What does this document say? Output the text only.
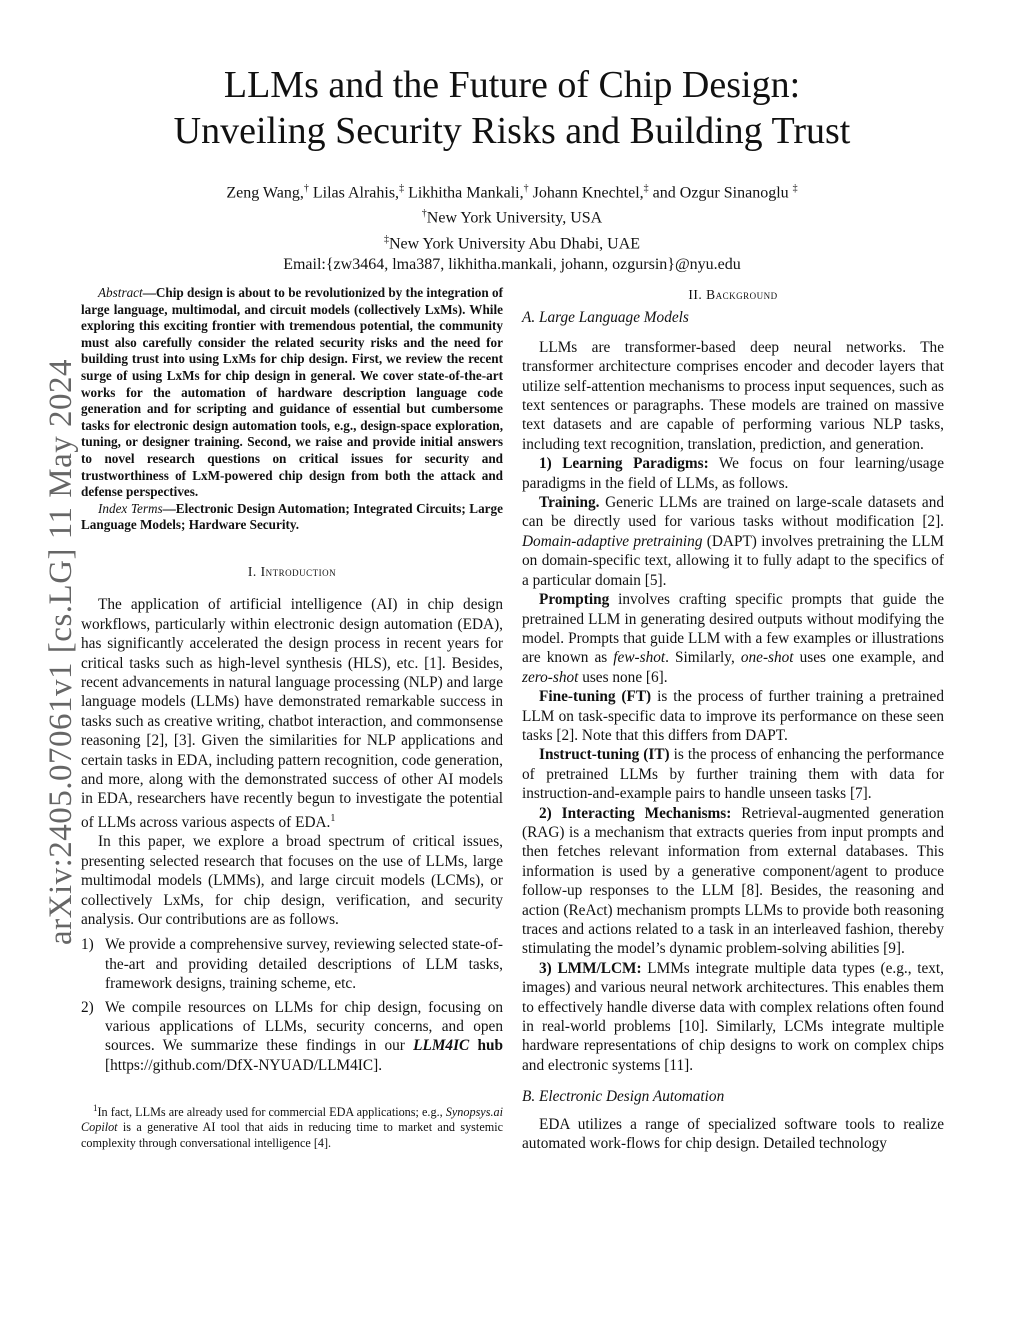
arXiv:2405.07061v1 [cs.LG] 11 May 2024
LLMs and the Future of Chip Design:
Unveiling Security Risks and Building Trust
Zeng Wang,† Lilas Alrahis,‡ Likhitha Mankali,† Johann Knechtel,‡ and Ozgur Sinanoglu ‡
†New York University, USA
‡New York University Abu Dhabi, UAE
Email:{zw3464, lma387, likhitha.mankali, johann, ozgursin}@nyu.edu

Abstract—Chip design is about to be revolutionized by the integration of large language, multimodal, and circuit models (collectively LxMs). While exploring this exciting frontier with tremendous potential, the community must also carefully consider the related security risks and the need for building trust into using LxMs for chip design. First, we review the recent surge of using LxMs for chip design in general. We cover state-of-the-art works for the automation of hardware description language code generation and for scripting and guidance of essential but cumbersome tasks for electronic design automation tools, e.g., design-space exploration, tuning, or designer training. Second, we raise and provide initial answers to novel research questions on critical issues for security and trustworthiness of LxM-powered chip design from both the attack and defense perspectives.

Index Terms—Electronic Design Automation; Integrated Circuits; Large Language Models; Hardware Security.

I. Introduction

The application of artificial intelligence (AI) in chip design workflows, particularly within electronic design automation (EDA), has significantly accelerated the design process in recent years for critical tasks such as high-level synthesis (HLS), etc. [1]. Besides, recent advancements in natural language processing (NLP) and large language models (LLMs) have demonstrated remarkable success in tasks such as creative writing, chatbot interaction, and commonsense reasoning [2], [3]. Given the similarities for NLP applications and certain tasks in EDA, including pattern recognition, code generation, and more, along with the demonstrated success of other AI models in EDA, researchers have recently begun to investigate the potential of LLMs across various aspects of EDA.$^1$

In this paper, we explore a broad spectrum of critical issues, presenting selected research that focuses on the use of LLMs, large multimodal models (LMMs), and large circuit models (LCMs), or collectively LxMs, for chip design, verification, and security analysis. Our contributions are as follows.

1) We provide a comprehensive survey, reviewing selected state-of-the-art and providing detailed descriptions of LLM tasks, framework designs, training scheme, etc.
2) We compile resources on LLMs for chip design, focusing on various applications of LLMs, security concerns, and open sources. We summarize these findings in our LLM4IC hub [https://github.com/DfX-NYUAD/LLM4IC].

$^1$In fact, LLMs are already used for commercial EDA applications; e.g., Synopsys.ai Copilot is a generative AI tool that aids in reducing time to market and systemic complexity through conversational intelligence [4].

II. Background
A. Large Language Models

LLMs are transformer-based deep neural networks. The transformer architecture comprises encoder and decoder layers that utilize self-attention mechanisms to process input sequences, such as text sentences or paragraphs. These models are trained on massive text datasets and are capable of performing various NLP tasks, including text recognition, translation, prediction, and generation.

1) Learning Paradigms: We focus on four learning/usage paradigms in the field of LLMs, as follows.

Training. Generic LLMs are trained on large-scale datasets and can be directly used for various tasks without modification [2]. Domain-adaptive pretraining (DAPT) involves pretraining the LLM on domain-specific text, allowing it to fully adapt to the specifics of a particular domain [5].

Prompting involves crafting specific prompts that guide the pretrained LLM in generating desired outputs without modifying the model. Prompts that guide LLM with a few examples or illustrations are known as few-shot. Similarly, one-shot uses one example, and zero-shot uses none [6].

Fine-tuning (FT) is the process of further training a pretrained LLM on task-specific data to improve its performance on these seen tasks [2]. Note that this differs from DAPT.

Instruct-tuning (IT) is the process of enhancing the performance of pretrained LLMs by further training them with data for instruction-and-example pairs to handle unseen tasks [7].

2) Interacting Mechanisms: Retrieval-augmented generation (RAG) is a mechanism that extracts queries from input prompts and then fetches relevant information from external databases. This information is used by a generative component/agent to produce follow-up responses to the LLM [8]. Besides, the reasoning and action (ReAct) mechanism prompts LLMs to provide both reasoning traces and actions related to a task in an interleaved fashion, thereby stimulating the model’s dynamic problem-solving abilities [9].

3) LMM/LCM: LMMs integrate multiple data types (e.g., text, images) and various neural network architectures. This enables them to effectively handle diverse data with complex relations often found in real-world problems [10]. Similarly, LCMs integrate multiple hardware representations of chip designs to work on complex chips and electronic systems [11].

B. Electronic Design Automation

EDA utilizes a range of specialized software tools to realize automated work-flows for chip design. Detailed technology
